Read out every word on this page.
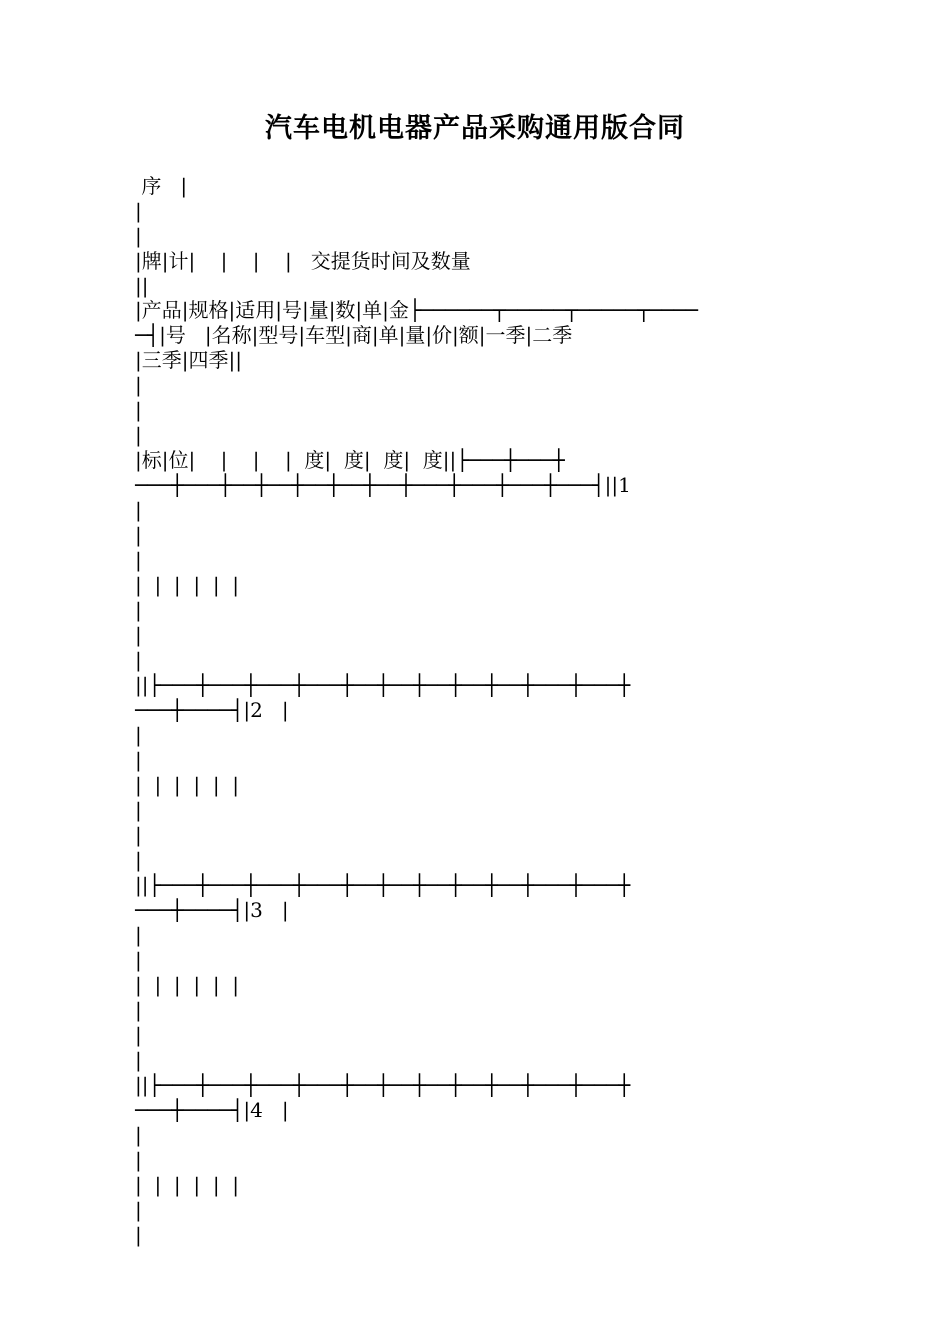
汽车电机电器产品采购通用版合同
序   |
|
|
|牌|计|    |    |    |   交提货时间及数量
||
|产品|规格|适用|号|量|数|单|金├──────┬─────┬─────┬────
─┤|号   |名称|型号|车型|商|单|量|价|额|一季|二季
|三季|四季||
|
|
|
|标|位|    |    |    |  度|  度|  度|  度||├───┼───┼
───┼───┼──┼──┼──┼──┼──┼───┼───┼───┼───┤||1
|
|
|
|  |  |  |  |  |
|
|
|
||├───┼───┼───┼───┼──┼──┼──┼──┼──┼───┼───┼
───┼────┤|2   |
|
|
|  |  |  |  |  |
|
|
|
||├───┼───┼───┼───┼──┼──┼──┼──┼──┼───┼───┼
───┼────┤|3   |
|
|
|  |  |  |  |  |
|
|
|
||├───┼───┼───┼───┼──┼──┼──┼──┼──┼───┼───┼
───┼────┤|4   |
|
|
|  |  |  |  |  |
|
|
